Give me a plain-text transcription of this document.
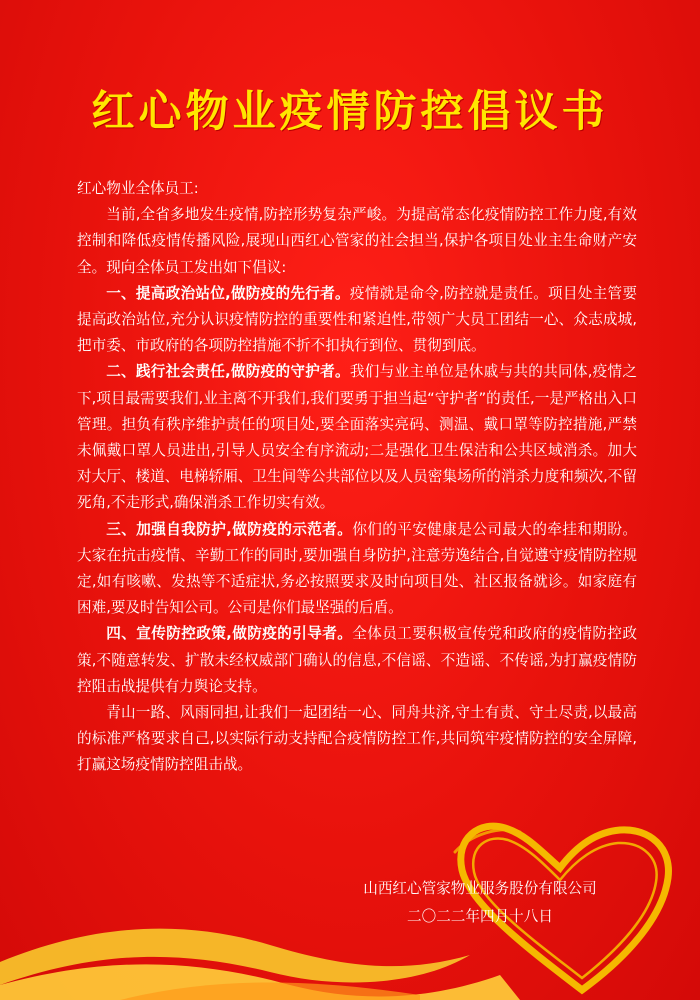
红心物业疫情防控倡议书

红心物业全体员工:

当前,全省多地发生疫情,防控形势复杂严峻。为提高常态化疫情防控工作力度,有效控制和降低疫情传播风险,展现山西红心管家的社会担当,保护各项目处业主生命财产安全。现向全体员工发出如下倡议:

一、提高政治站位,做防疫的先行者。疫情就是命令,防控就是责任。项目处主管要提高政治站位,充分认识疫情防控的重要性和紧迫性,带领广大员工团结一心、众志成城,把市委、市政府的各项防控措施不折不扣执行到位、贯彻到底。

二、践行社会责任,做防疫的守护者。我们与业主单位是休戚与共的共同体,疫情之下,项目最需要我们,业主离不开我们,我们要勇于担当起“守护者”的责任,一是严格出入口管理。担负有秩序维护责任的项目处,要全面落实亮码、测温、戴口罩等防控措施,严禁未佩戴口罩人员进出,引导人员安全有序流动;二是强化卫生保洁和公共区域消杀。加大对大厅、楼道、电梯轿厢、卫生间等公共部位以及人员密集场所的消杀力度和频次,不留死角,不走形式,确保消杀工作切实有效。

三、加强自我防护,做防疫的示范者。你们的平安健康是公司最大的牵挂和期盼。大家在抗击疫情、辛勤工作的同时,要加强自身防护,注意劳逸结合,自觉遵守疫情防控规定,如有咳嗽、发热等不适症状,务必按照要求及时向项目处、社区报备就诊。如家庭有困难,要及时告知公司。公司是你们最坚强的后盾。

四、宣传防控政策,做防疫的引导者。全体员工要积极宣传党和政府的疫情防控政策,不随意转发、扩散未经权威部门确认的信息,不信谣、不造谣、不传谣,为打赢疫情防控阻击战提供有力舆论支持。

青山一路、风雨同担,让我们一起团结一心、同舟共济,守土有责、守土尽责,以最高的标准严格要求自己,以实际行动支持配合疫情防控工作,共同筑牢疫情防控的安全屏障,打赢这场疫情防控阻击战。

山西红心管家物业服务股份有限公司
二〇二二年四月十八日
